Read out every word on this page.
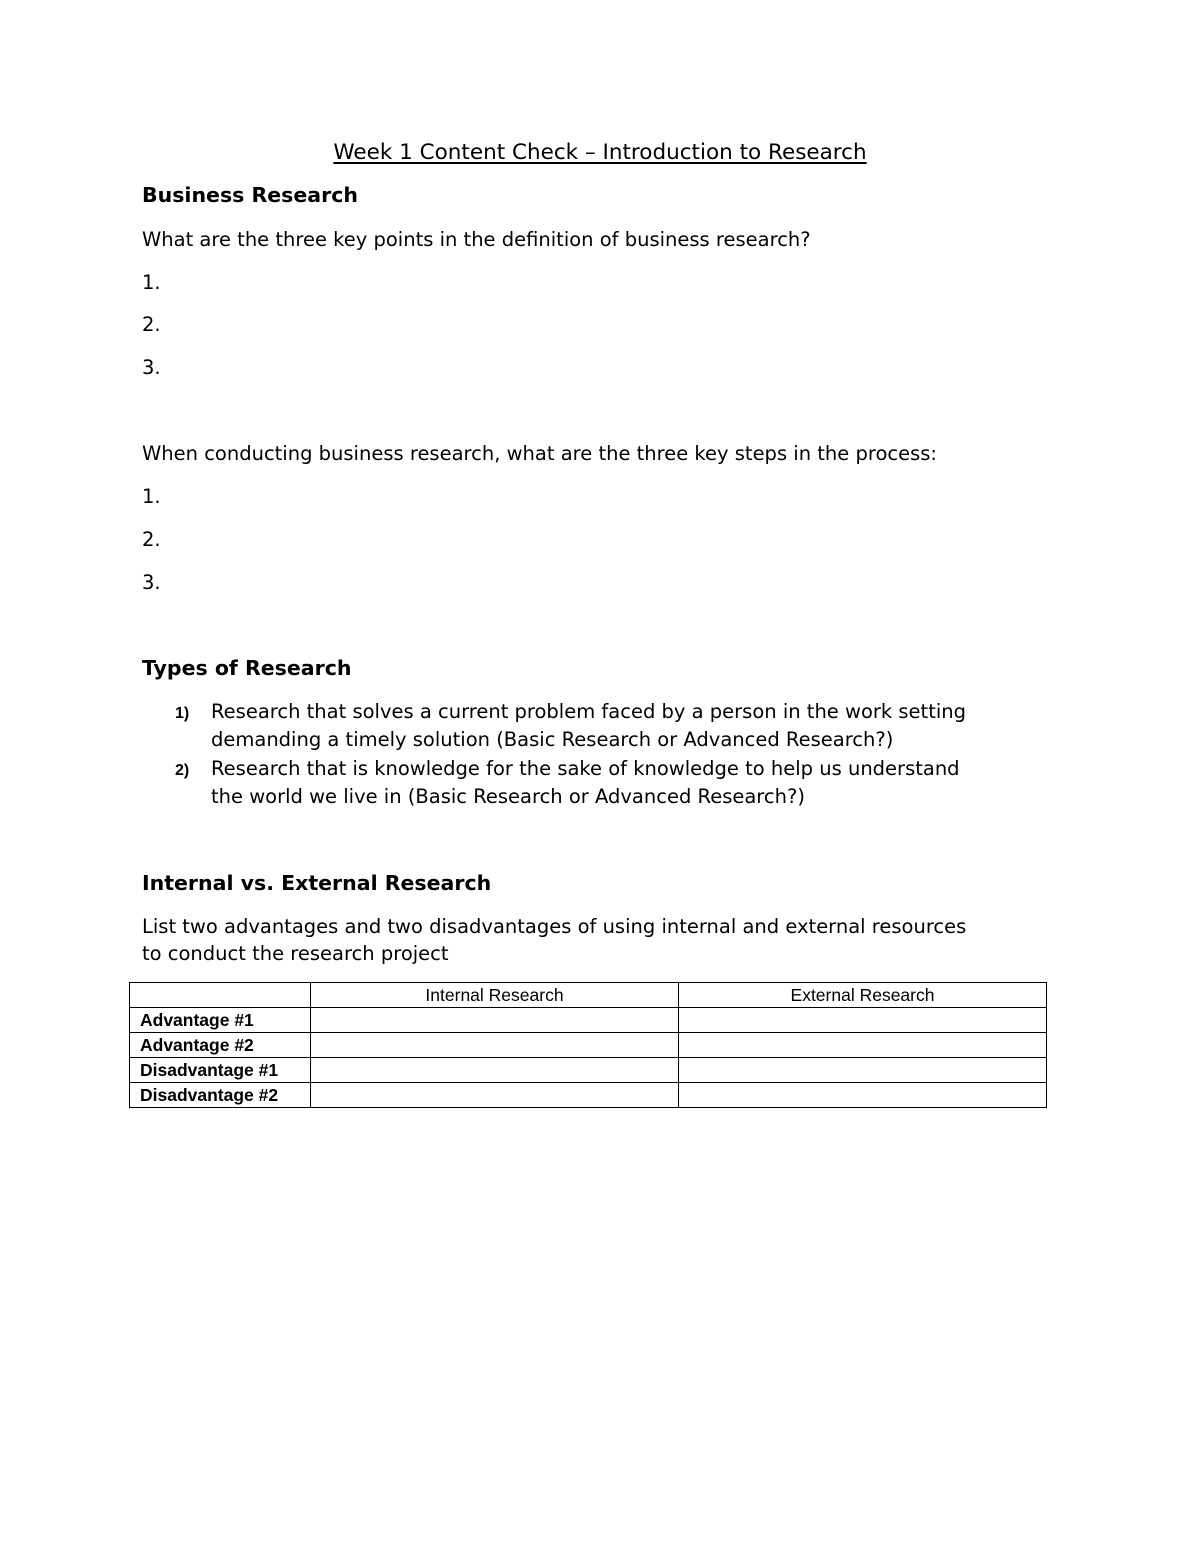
Week 1 Content Check – Introduction to Research
Business Research
What are the three key points in the definition of business research?
1.
2.
3.
When conducting business research, what are the three key steps in the process:
1.
2.
3.
Types of Research
1) Research that solves a current problem faced by a person in the work setting
demanding a timely solution (Basic Research or Advanced Research?)
2) Research that is knowledge for the sake of knowledge to help us understand
the world we live in (Basic Research or Advanced Research?)
Internal vs. External Research
List two advantages and two disadvantages of using internal and external resources
to conduct the research project
	Internal Research	External Research
Advantage #1		
Advantage #2		
Disadvantage #1		
Disadvantage #2		
